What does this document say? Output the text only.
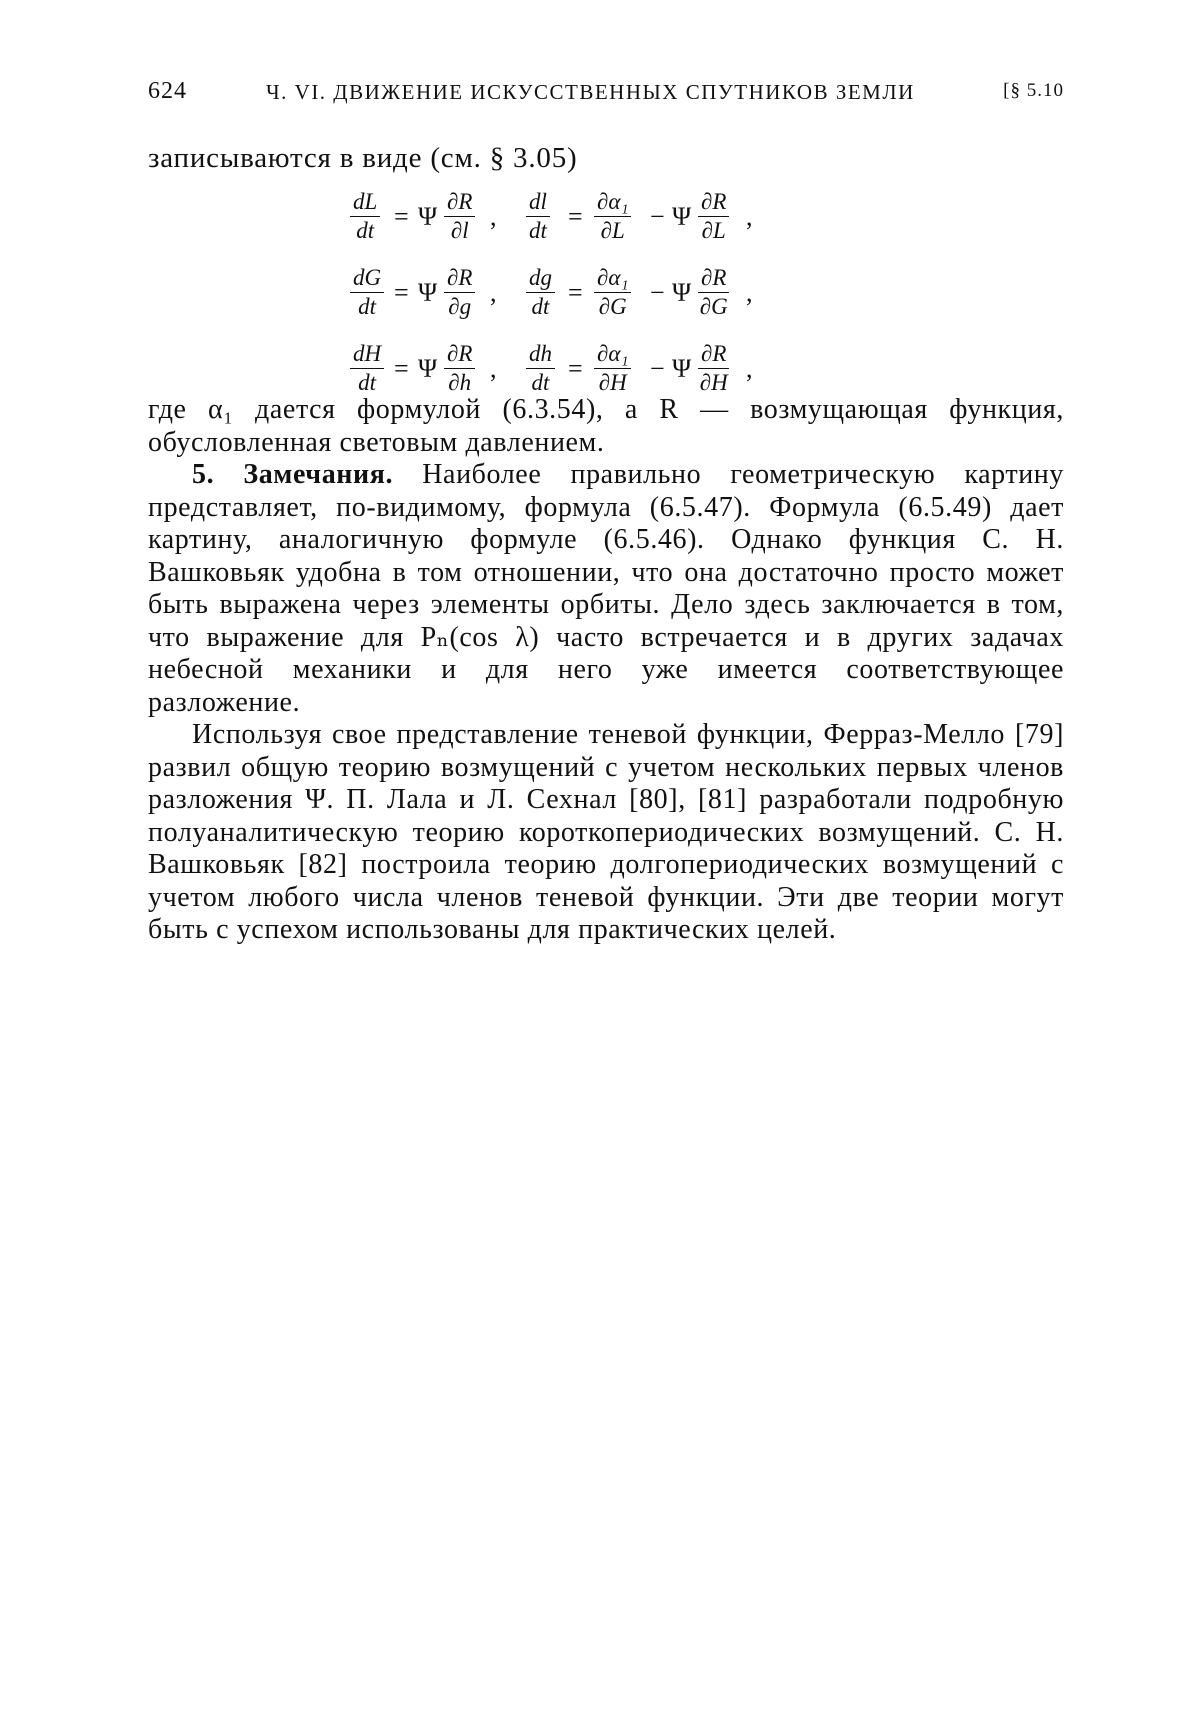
624	Ч. VI. ДВИЖЕНИЕ ИСКУССТВЕННЫХ СПУТНИКОВ ЗЕМЛИ	[§ 5.10
записываются в виде (см. § 3.05)
$\frac{dL}{dt} = \Psi \frac{\partial R}{\partial l}$ , $\frac{dl}{dt} = \frac{\text{∂α₁}}{\partial L} - \Psi \frac{\partial R}{\partial L}$ ,
$\frac{dG}{dt} = \Psi \frac{\partial R}{\partial g}$ , $\frac{dg}{dt} = \frac{\text{∂α₁}}{\partial G} - \Psi \frac{\partial R}{\partial G}$ ,
$\frac{dH}{dt} = \Psi \frac{\partial R}{\partial h}$ , $\frac{dh}{dt} = \frac{\text{∂α₁}}{\partial H} - \Psi \frac{\partial R}{\partial H}$ ,

где α₁ дается формулой (6.3.54), а R — возмущающая функция, обусловленная световым давлением.

5. Замечания. Наиболее правильно геометрическую картину представляет, по-видимому, формула (6.5.47). Формула (6.5.49) дает картину, аналогичную формуле (6.5.46). Однако функция С. Н. Вашковьяк удобна в том отношении, что она достаточно просто может быть выражена через элементы орбиты. Дело здесь заключается в том, что выражение для Pₙ(cos λ) часто встречается и в других задачах небесной механики и для него уже имеется соответствующее разложение.

Используя свое представление теневой функции, Ферраз-Мелло [79] развил общую теорию возмущений с учетом нескольких первых членов разложения Ψ. П. Лала и Л. Сехнал [80], [81] разработали подробную полуаналитическую теорию короткопериодических возмущений. С. Н. Вашковьяк [82] построила теорию долгопериодических возмущений с учетом любого числа членов теневой функции. Эти две теории могут быть с успехом использованы для практических целей.
